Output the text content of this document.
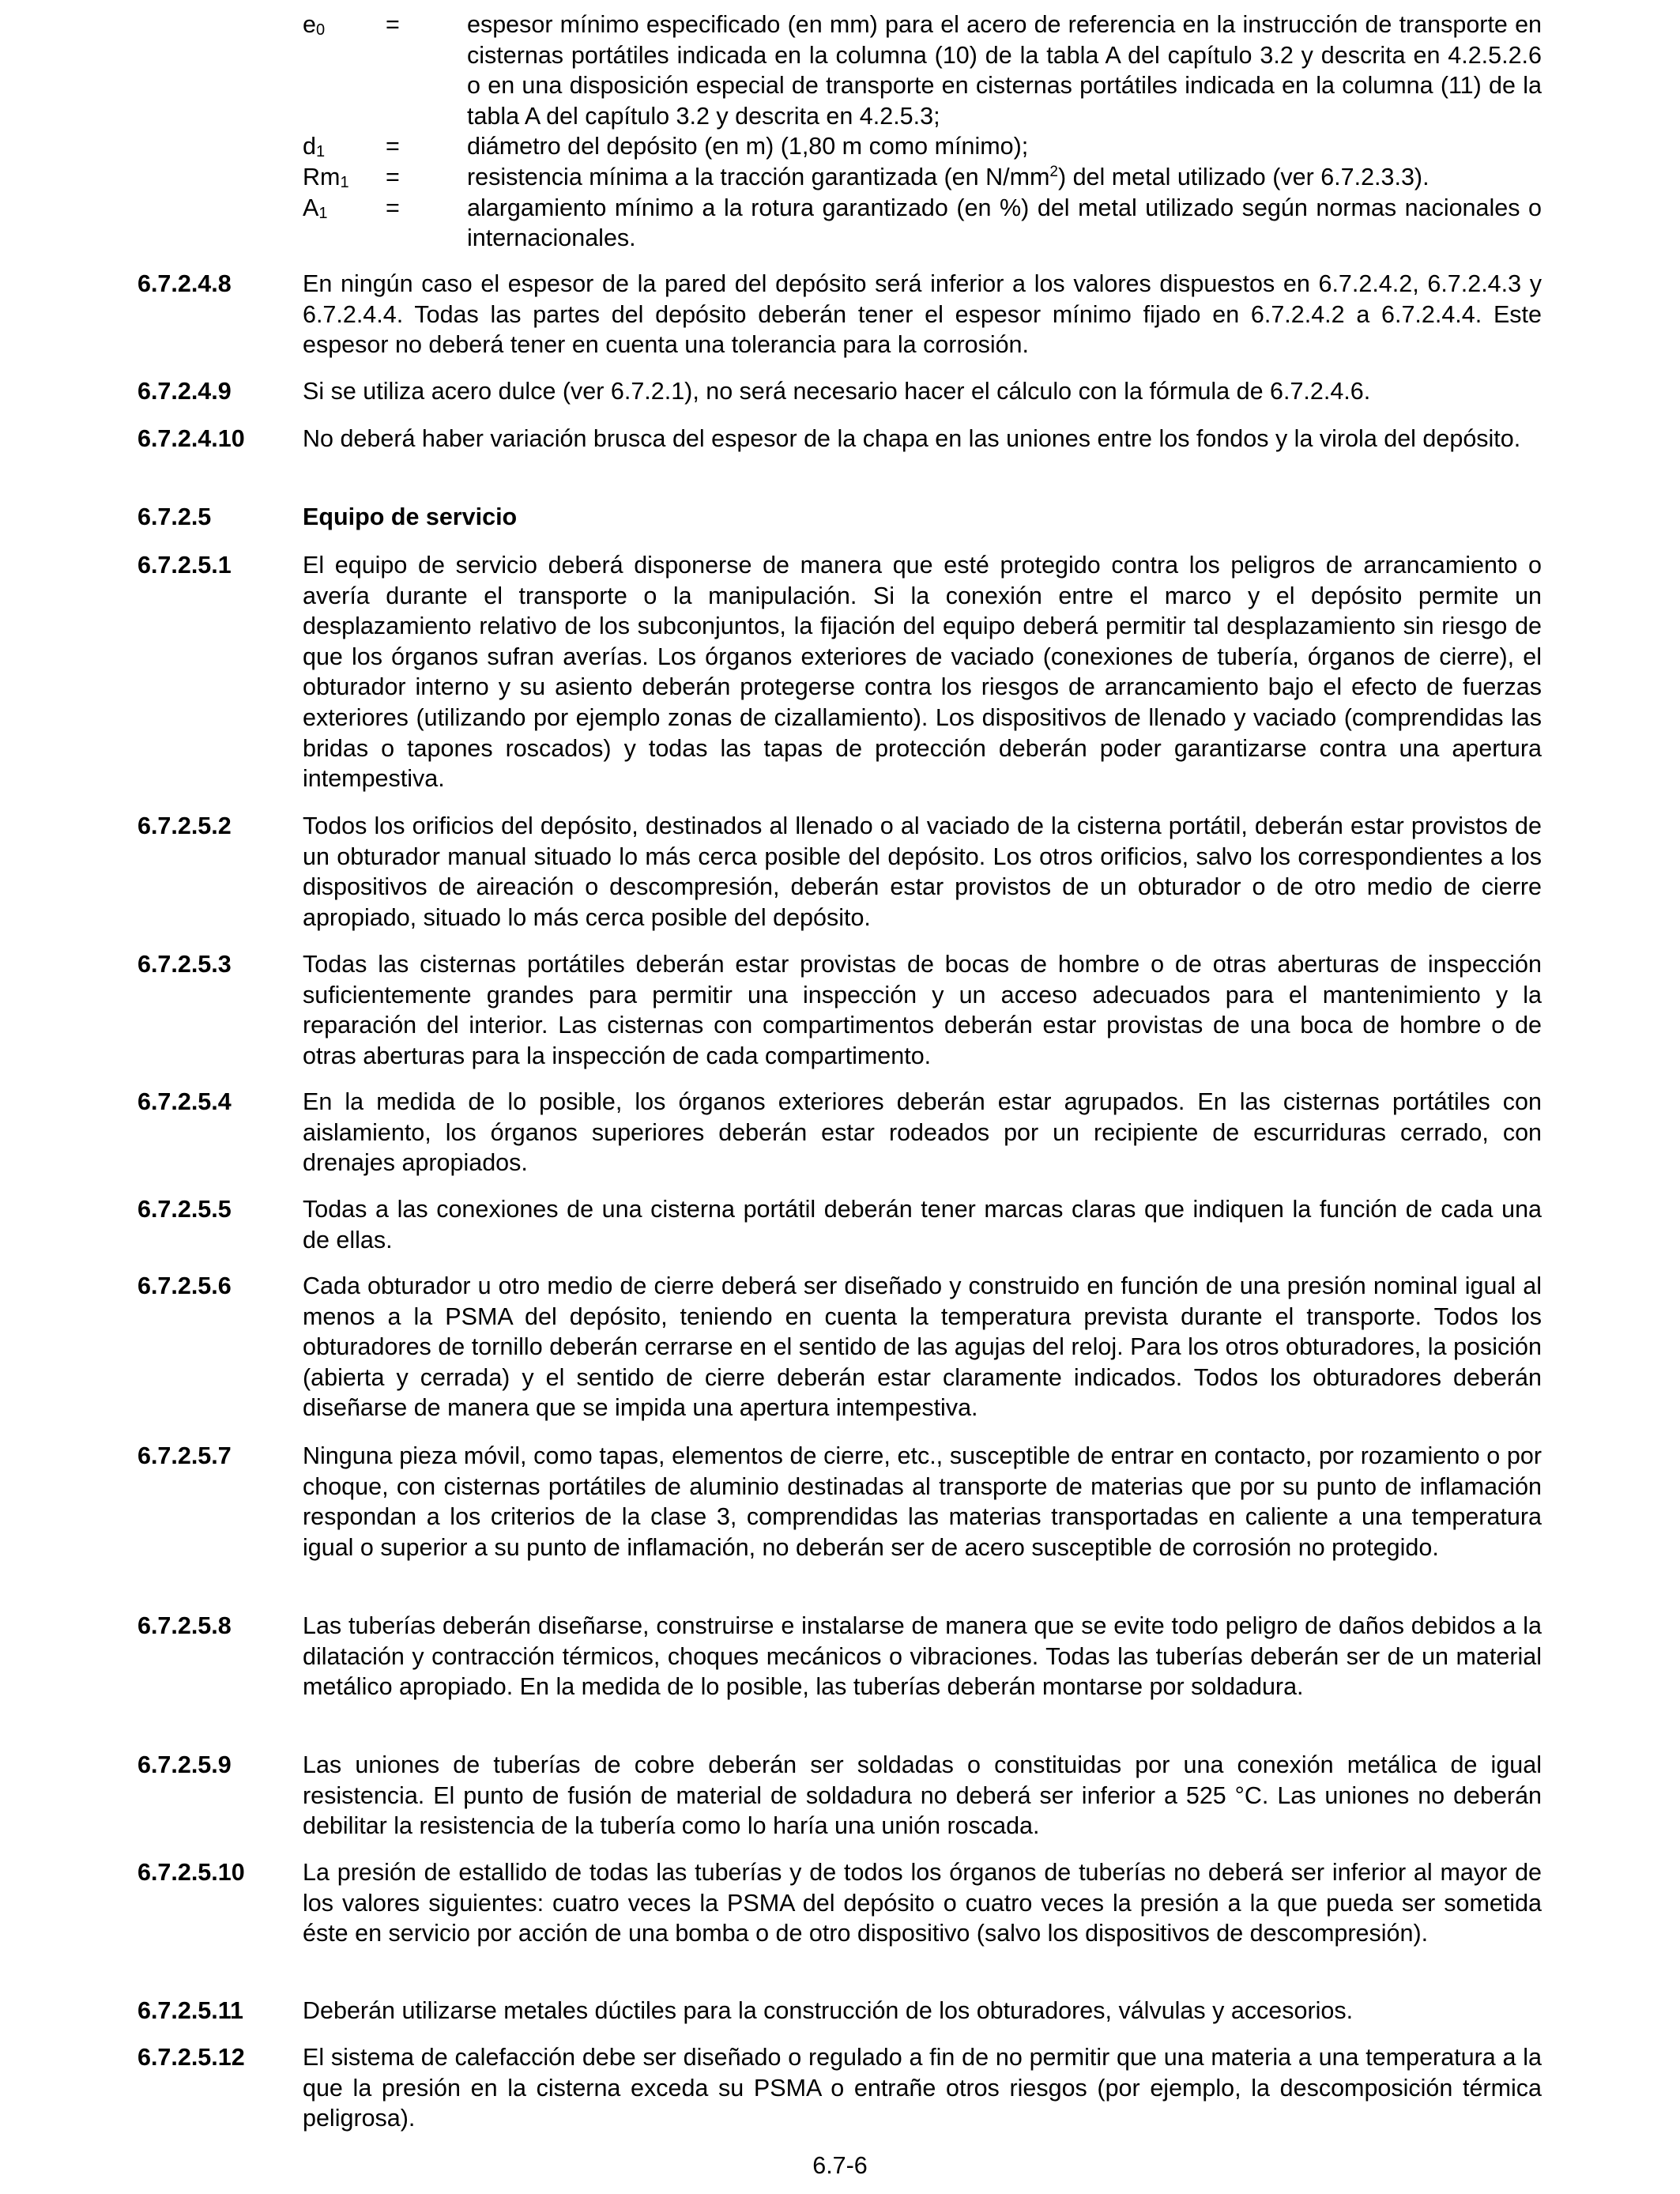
e0	=	espesor mínimo especificado (en mm) para el acero de referencia en la instrucción de transporte en cisternas portátiles indicada en la columna (10) de la tabla A del capítulo 3.2 y descrita en 4.2.5.2.6 o en una disposición especial de transporte en cisternas portátiles indicada en la columna (11) de la tabla A del capítulo 3.2 y descrita en 4.2.5.3;
d1	=	diámetro del depósito (en m) (1,80 m como mínimo);
Rm1 =	resistencia mínima a la tracción garantizada (en $N/mm^2$) del metal utilizado (ver 6.7.2.3.3).
A1 =	alargamiento mínimo a la rotura garantizado (en %) del metal utilizado según normas nacionales o internacionales.
6.7.2.4.8	En ningún caso el espesor de la pared del depósito será inferior a los valores dispuestos en 6.7.2.4.2, 6.7.2.4.3 y 6.7.2.4.4. Todas las partes del depósito deberán tener el espesor mínimo fijado en 6.7.2.4.2 a 6.7.2.4.4. Este espesor no deberá tener en cuenta una tolerancia para la corrosión.
6.7.2.4.9	Si se utiliza acero dulce (ver 6.7.2.1), no será necesario hacer el cálculo con la fórmula de 6.7.2.4.6.
6.7.2.4.10 No deberá haber variación brusca del espesor de la chapa en las uniones entre los fondos y la virola del depósito.
6.7.2.5	Equipo de servicio
6.7.2.5.1	El equipo de servicio deberá disponerse de manera que esté protegido contra los peligros de arrancamiento o avería durante el transporte o la manipulación. Si la conexión entre el marco y el depósito permite un desplazamiento relativo de los subconjuntos, la fijación del equipo deberá permitir tal desplazamiento sin riesgo de que los órganos sufran averías. Los órganos exteriores de vaciado (conexiones de tubería, órganos de cierre), el obturador interno y su asiento deberán protegerse contra los riesgos de arrancamiento bajo el efecto de fuerzas exteriores (utilizando por ejemplo zonas de cizallamiento). Los dispositivos de llenado y vaciado (comprendidas las bridas o tapones roscados) y todas las tapas de protección deberán poder garantizarse contra una apertura intempestiva.
6.7.2.5.2	Todos los orificios del depósito, destinados al llenado o al vaciado de la cisterna portátil, deberán estar provistos de un obturador manual situado lo más cerca posible del depósito. Los otros orificios, salvo los correspondientes a los dispositivos de aireación o descompresión, deberán estar provistos de un obturador o de otro medio de cierre apropiado, situado lo más cerca posible del depósito.
6.7.2.5.3	Todas las cisternas portátiles deberán estar provistas de bocas de hombre o de otras aberturas de inspección suficientemente grandes para permitir una inspección y un acceso adecuados para el mantenimiento y la reparación del interior. Las cisternas con compartimentos deberán estar provistas de una boca de hombre o de otras aberturas para la inspección de cada compartimento.
6.7.2.5.4	En la medida de lo posible, los órganos exteriores deberán estar agrupados. En las cisternas portátiles con aislamiento, los órganos superiores deberán estar rodeados por un recipiente de escurriduras cerrado, con drenajes apropiados.
6.7.2.5.5	Todas a las conexiones de una cisterna portátil deberán tener marcas claras que indiquen la función de cada una de ellas.
6.7.2.5.6	Cada obturador u otro medio de cierre deberá ser diseñado y construido en función de una presión nominal igual al menos a la PSMA del depósito, teniendo en cuenta la temperatura prevista durante el transporte. Todos los obturadores de tornillo deberán cerrarse en el sentido de las agujas del reloj. Para los otros obturadores, la posición (abierta y cerrada) y el sentido de cierre deberán estar claramente indicados. Todos los obturadores deberán diseñarse de manera que se impida una apertura intempestiva.
6.7.2.5.7	Ninguna pieza móvil, como tapas, elementos de cierre, etc., susceptible de entrar en contacto, por rozamiento o por choque, con cisternas portátiles de aluminio destinadas al transporte de materias que por su punto de inflamación respondan a los criterios de la clase 3, comprendidas las materias transportadas en caliente a una temperatura igual o superior a su punto de inflamación, no deberán ser de acero susceptible de corrosión no protegido.
6.7.2.5.8	Las tuberías deberán diseñarse, construirse e instalarse de manera que se evite todo peligro de daños debidos a la dilatación y contracción térmicos, choques mecánicos o vibraciones. Todas las tuberías deberán ser de un material metálico apropiado. En la medida de lo posible, las tuberías deberán montarse por soldadura.
6.7.2.5.9	Las uniones de tuberías de cobre deberán ser soldadas o constituidas por una conexión metálica de igual resistencia. El punto de fusión de material de soldadura no deberá ser inferior a 525 °C. Las uniones no deberán debilitar la resistencia de la tubería como lo haría una unión roscada.
6.7.2.5.10 La presión de estallido de todas las tuberías y de todos los órganos de tuberías no deberá ser inferior al mayor de los valores siguientes: cuatro veces la PSMA del depósito o cuatro veces la presión a la que pueda ser sometida éste en servicio por acción de una bomba o de otro dispositivo (salvo los dispositivos de descompresión).
6.7.2.5.11 Deberán utilizarse metales dúctiles para la construcción de los obturadores, válvulas y accesorios.
6.7.2.5.12 El sistema de calefacción debe ser diseñado o regulado a fin de no permitir que una materia a una temperatura a la que la presión en la cisterna exceda su PSMA o entrañe otros riesgos (por ejemplo, la descomposición térmica peligrosa).
6.7-6
